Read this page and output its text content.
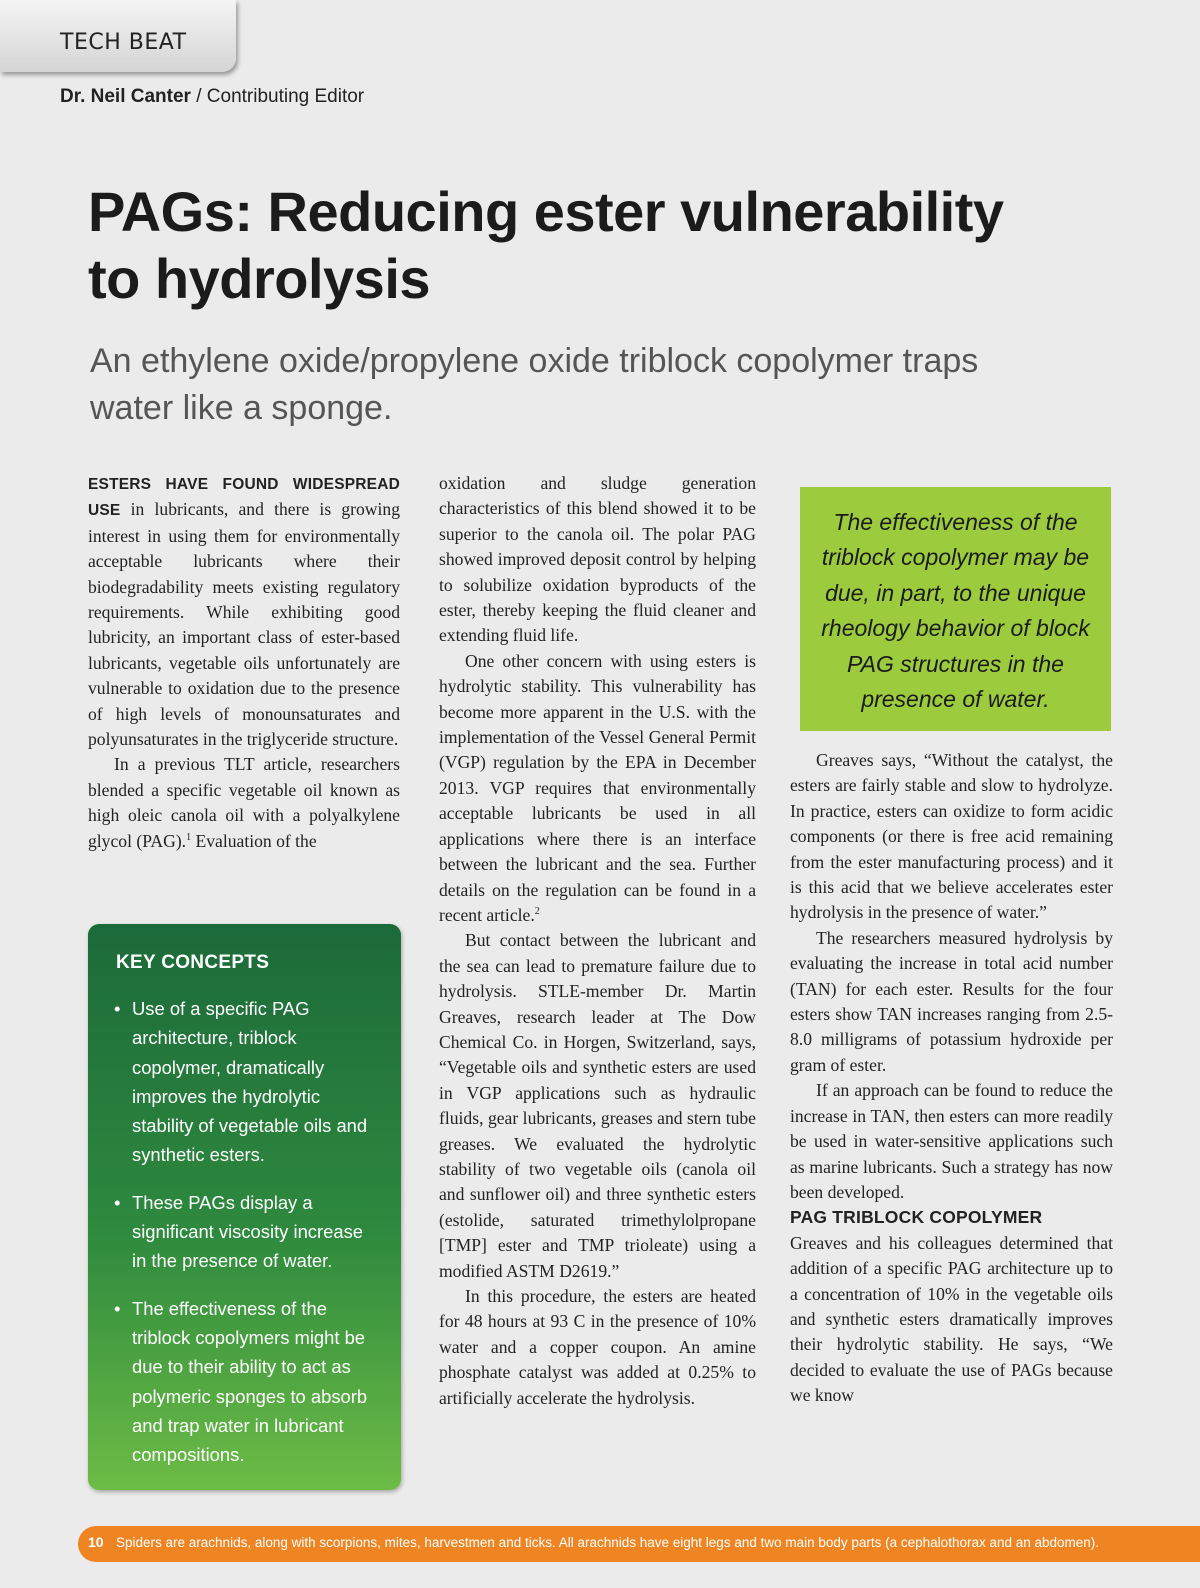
TECH BEAT
Dr. Neil Canter / Contributing Editor
PAGs: Reducing ester vulnerability to hydrolysis
An ethylene oxide/propylene oxide triblock copolymer traps water like a sponge.

ESTERS HAVE FOUND WIDESPREAD USE in lubricants, and there is growing interest in using them for environmentally acceptable lubricants where their biodegradability meets existing regulatory requirements. While exhibiting good lubricity, an important class of ester-based lubricants, vegetable oils unfortunately are vulnerable to oxidation due to the presence of high levels of monounsaturates and polyunsaturates in the triglyceride structure.

In a previous TLT article, researchers blended a specific vegetable oil known as high oleic canola oil with a polyalkylene glycol (PAG).$^1$ Evaluation of the

KEY CONCEPTS
• Use of a specific PAG architecture, triblock copolymer, dramatically improves the hydrolytic stability of vegetable oils and synthetic esters.
• These PAGs display a significant viscosity increase in the presence of water.
• The effectiveness of the triblock copolymers might be due to their ability to act as polymeric sponges to absorb and trap water in lubricant compositions.

oxidation and sludge generation characteristics of this blend showed it to be superior to the canola oil. The polar PAG showed improved deposit control by helping to solubilize oxidation byproducts of the ester, thereby keeping the fluid cleaner and extending fluid life.

One other concern with using esters is hydrolytic stability. This vulnerability has become more apparent in the U.S. with the implementation of the Vessel General Permit (VGP) regulation by the EPA in December 2013. VGP requires that environmentally acceptable lubricants be used in all applications where there is an interface between the lubricant and the sea. Further details on the regulation can be found in a recent article.$^2$

But contact between the lubricant and the sea can lead to premature failure due to hydrolysis. STLE-member Dr. Martin Greaves, research leader at The Dow Chemical Co. in Horgen, Switzerland, says, “Vegetable oils and synthetic esters are used in VGP applications such as hydraulic fluids, gear lubricants, greases and stern tube greases. We evaluated the hydrolytic stability of two vegetable oils (canola oil and sunflower oil) and three synthetic esters (estolide, saturated trimethylolpropane [TMP] ester and TMP trioleate) using a modified ASTM D2619.”

In this procedure, the esters are heated for 48 hours at 93 C in the presence of 10% water and a copper coupon. An amine phosphate catalyst was added at 0.25% to artificially accelerate the hydrolysis.

The effectiveness of the triblock copolymer may be due, in part, to the unique rheology behavior of block PAG structures in the presence of water.

Greaves says, “Without the catalyst, the esters are fairly stable and slow to hydrolyze. In practice, esters can oxidize to form acidic components (or there is free acid remaining from the ester manufacturing process) and it is this acid that we believe accelerates ester hydrolysis in the presence of water.”

The researchers measured hydrolysis by evaluating the increase in total acid number (TAN) for each ester. Results for the four esters show TAN increases ranging from 2.5-8.0 milligrams of potassium hydroxide per gram of ester.

If an approach can be found to reduce the increase in TAN, then esters can more readily be used in water-sensitive applications such as marine lubricants. Such a strategy has now been developed.

PAG TRIBLOCK COPOLYMER

Greaves and his colleagues determined that addition of a specific PAG architecture up to a concentration of 10% in the vegetable oils and synthetic esters dramatically improves their hydrolytic stability. He says, “We decided to evaluate the use of PAGs because we know

10 Spiders are arachnids, along with scorpions, mites, harvestmen and ticks. All arachnids have eight legs and two main body parts (a cephalothorax and an abdomen).
